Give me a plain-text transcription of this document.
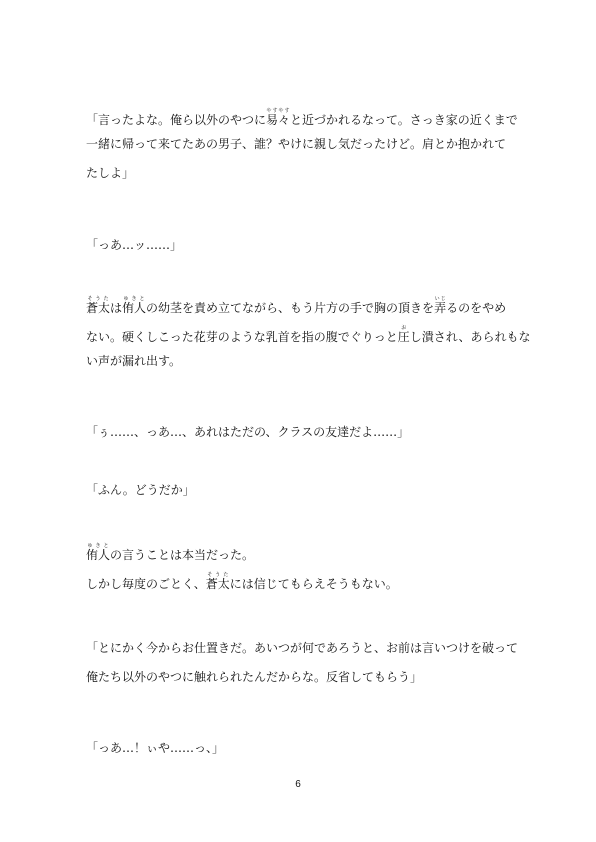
「言ったよな。俺ら以外のやつに易々やすやすと近づかれるなって。さっき家の近くまで
一緒に帰って来てたあの男子、誰？やけに親し気だったけど。肩とか抱かれて
たしよ」
「っあ…ッ……」
蒼太そうたは侑人ゆきとの幼茎を責め立てながら、もう片方の手で胸の頂きを弄いじるのをやめ
ない。硬くしこった花芽のような乳首を指の腹でぐりっと圧おし潰され、あられもな
い声が漏れ出す。
「ぅ……、っあ…、あれはただの、クラスの友達だよ……」
「ふん。どうだか」
侑人ゆきとの言うことは本当だった。
しかし毎度のごとく、蒼太そうたには信じてもらえそうもない。
「とにかく今からお仕置きだ。あいつが何であろうと、お前は言いつけを破って
俺たち以外のやつに触れられたんだからな。反省してもらう」
「っあ…！ぃや……っ、」
6
